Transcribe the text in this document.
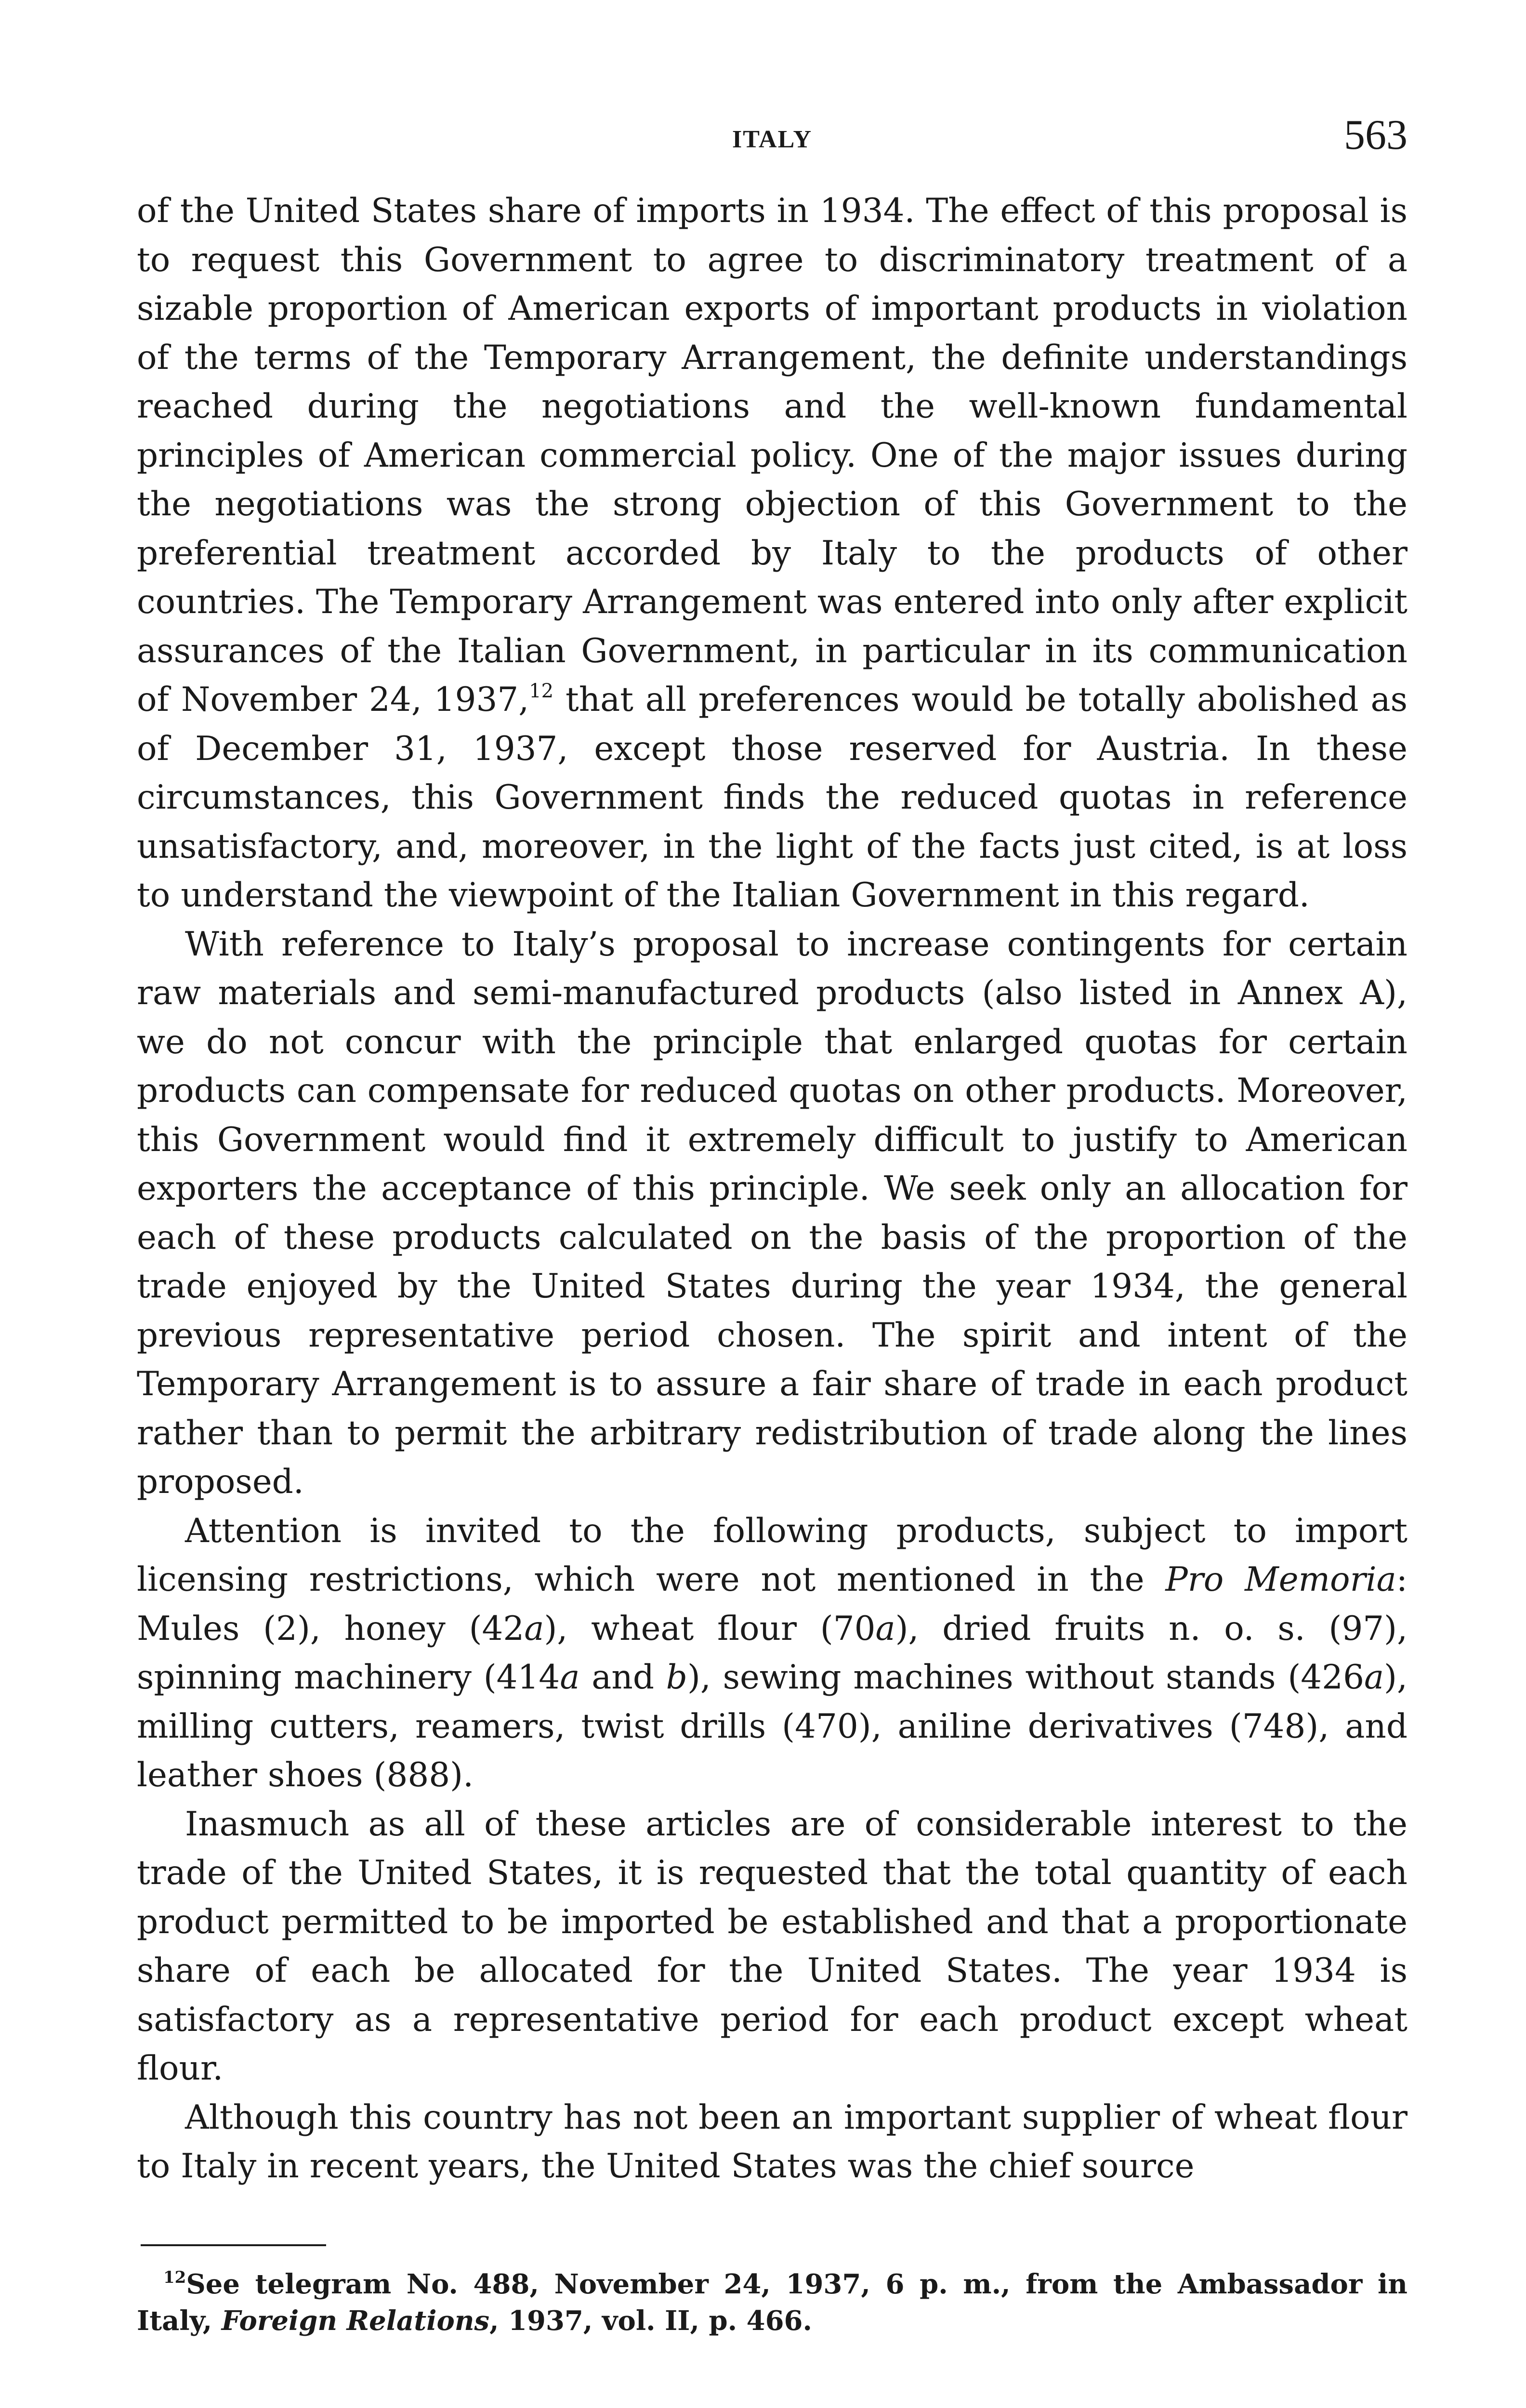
ITALY	563

of the United States share of imports in 1934. The effect of this proposal is to request this Government to agree to discriminatory treatment of a sizable proportion of American exports of important products in violation of the terms of the Temporary Arrangement, the definite understandings reached during the negotiations and the well-known fundamental principles of American commercial policy. One of the major issues during the negotiations was the strong objection of this Government to the preferential treatment accorded by Italy to the products of other countries. The Temporary Arrangement was entered into only after explicit assurances of the Italian Government, in particular in its communication of November 24, 1937,12 that all preferences would be totally abolished as of December 31, 1937, except those reserved for Austria. In these circumstances, this Government finds the reduced quotas in reference unsatisfactory, and, moreover, in the light of the facts just cited, is at loss to understand the viewpoint of the Italian Government in this regard.

With reference to Italy’s proposal to increase contingents for certain raw materials and semi-manufactured products (also listed in Annex A), we do not concur with the principle that enlarged quotas for certain products can compensate for reduced quotas on other products. Moreover, this Government would find it extremely difficult to justify to American exporters the acceptance of this principle. We seek only an allocation for each of these products calculated on the basis of the proportion of the trade enjoyed by the United States during the year 1934, the general previous representative period chosen. The spirit and intent of the Temporary Arrangement is to assure a fair share of trade in each product rather than to permit the arbitrary redistribution of trade along the lines proposed.

Attention is invited to the following products, subject to import licensing restrictions, which were not mentioned in the Pro Memoria: Mules (2), honey (42a), wheat flour (70a), dried fruits n. o. s. (97), spinning machinery (414a and b), sewing machines without stands (426a), milling cutters, reamers, twist drills (470), aniline derivatives (748), and leather shoes (888).

Inasmuch as all of these articles are of considerable interest to the trade of the United States, it is requested that the total quantity of each product permitted to be imported be established and that a proportionate share of each be allocated for the United States. The year 1934 is satisfactory as a representative period for each product except wheat flour.

Although this country has not been an important supplier of wheat flour to Italy in recent years, the United States was the chief source

$^{12}$See telegram No. 488, November 24, 1937, 6 p. m., from the Ambassador in Italy, Foreign Relations, 1937, vol. II, p. 466.
